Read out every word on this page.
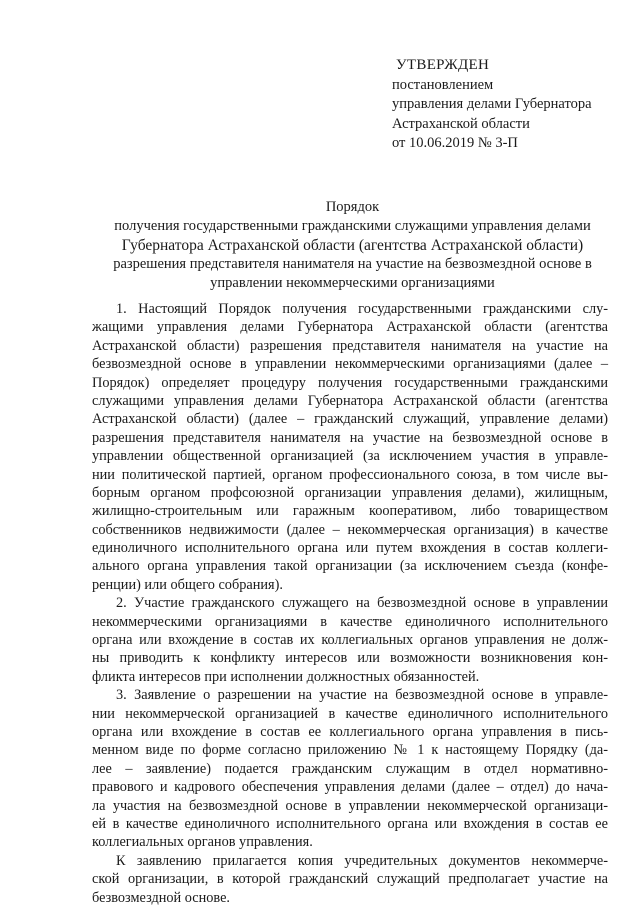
УТВЕРЖДЕН
постановлением
управления делами Губернатора
Астраханской области
от 10.06.2019 № 3-П
Порядок
получения государственными гражданскими служащими управления делами
Губернатора Астраханской области (агентства Астраханской области)
разрешения представителя нанимателя на участие на безвозмездной основе в
управлении некоммерческими организациями
1. Настоящий Порядок получения государственными гражданскими слу-
жащими управления делами Губернатора Астраханской области (агентства
Астраханской области) разрешения представителя нанимателя на участие на
безвозмездной основе в управлении некоммерческими организациями (далее –
Порядок) определяет процедуру получения государственными гражданскими
служащими управления делами Губернатора Астраханской области (агентства
Астраханской области) (далее – гражданский служащий, управление делами)
разрешения представителя нанимателя на участие на безвозмездной основе в
управлении общественной организацией (за исключением участия в управле-
нии политической партией, органом профессионального союза, в том числе вы-
борным органом профсоюзной организации управления делами), жилищным,
жилищно-строительным или гаражным кооперативом, либо товариществом
собственников недвижимости (далее – некоммерческая организация) в качестве
единоличного исполнительного органа или путем вхождения в состав коллеги-
ального органа управления такой организации (за исключением съезда (конфе-
ренции) или общего собрания).
2. Участие гражданского служащего на безвозмездной основе в управлении
некоммерческими организациями в качестве единоличного исполнительного
органа или вхождение в состав их коллегиальных органов управления не долж-
ны приводить к конфликту интересов или возможности возникновения кон-
фликта интересов при исполнении должностных обязанностей.
3. Заявление о разрешении на участие на безвозмездной основе в управле-
нии некоммерческой организацией в качестве единоличного исполнительного
органа или вхождение в состав ее коллегиального органа управления в пись-
менном виде по форме согласно приложению № 1 к настоящему Порядку (да-
лее – заявление) подается гражданским служащим в отдел нормативно-
правового и кадрового обеспечения управления делами (далее – отдел) до нача-
ла участия на безвозмездной основе в управлении некоммерческой организаци-
ей в качестве единоличного исполнительного органа или вхождения в состав ее
коллегиальных органов управления.
К заявлению прилагается копия учредительных документов некоммерче-
ской организации, в которой гражданский служащий предполагает участие на
безвозмездной основе.
